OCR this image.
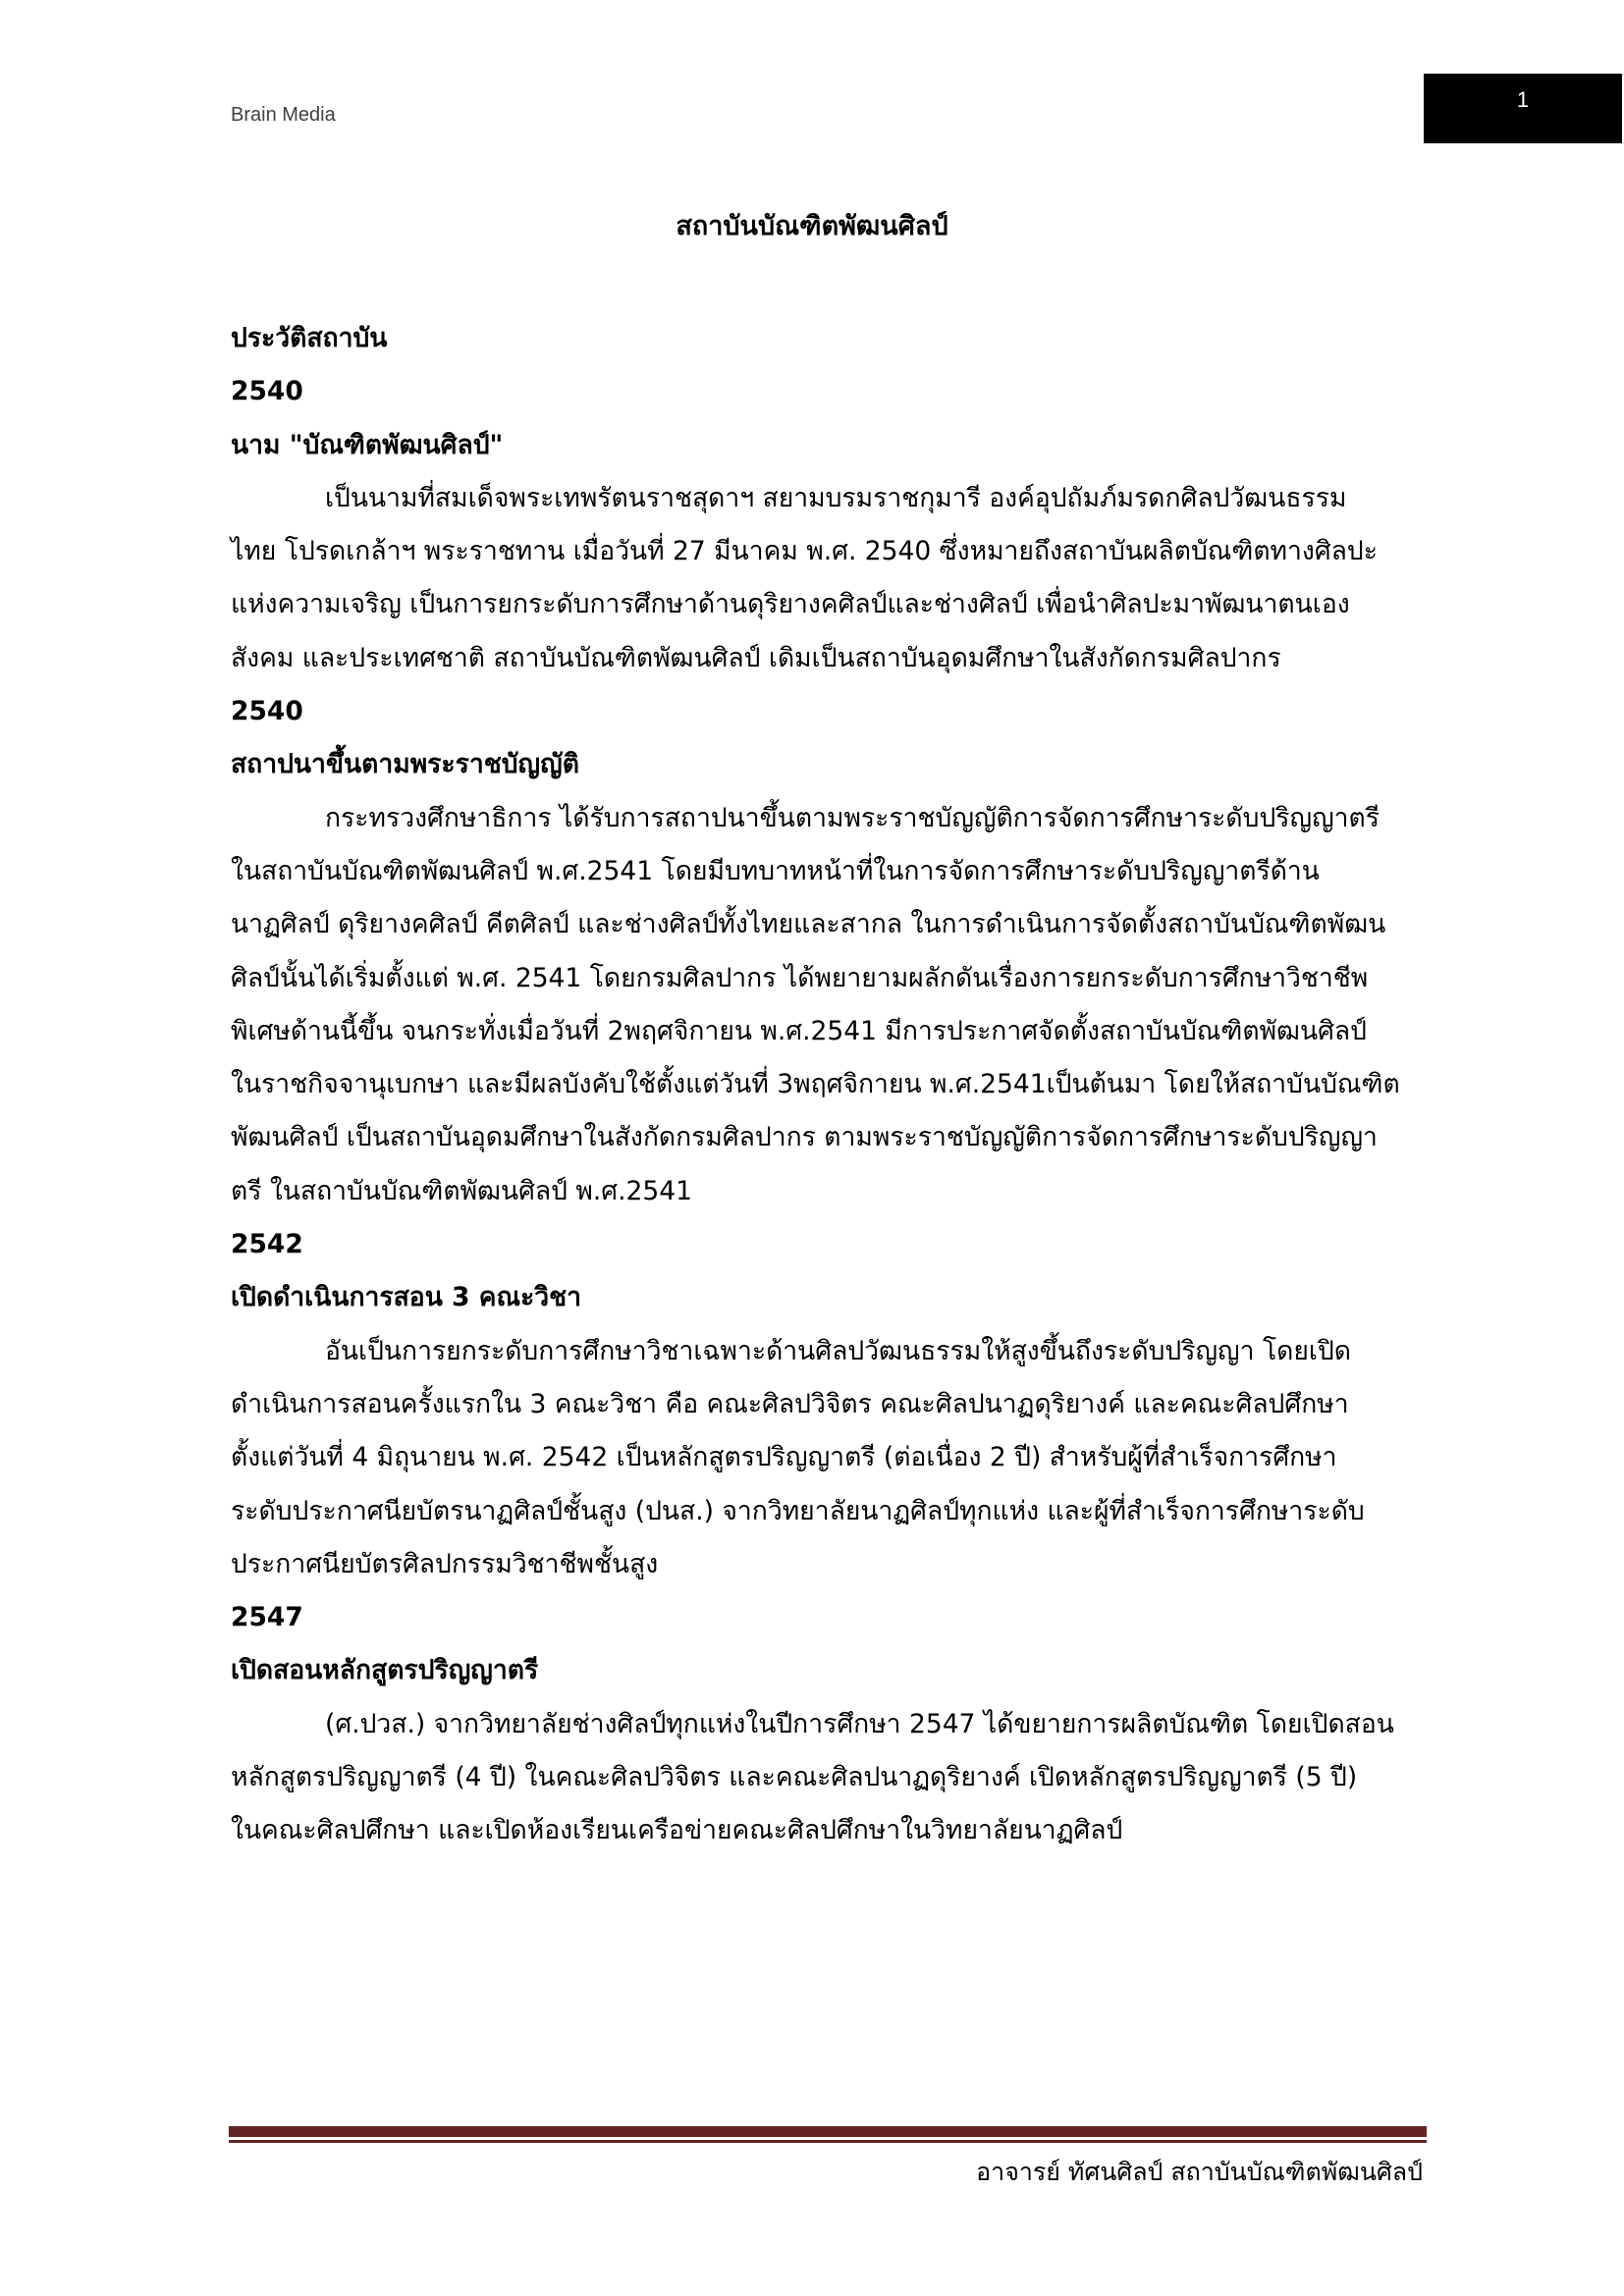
Brain Media
1
สถาบันบัณฑิตพัฒนศิลป์
ประวัติสถาบัน
2540
นาม "บัณฑิตพัฒนศิลป์"
เป็นนามที่สมเด็จพระเทพรัตนราชสุดาฯ สยามบรมราชกุมารี องค์อุปถัมภ์มรดกศิลปวัฒนธรรม
ไทย โปรดเกล้าฯ พระราชทาน เมื่อวันที่ 27 มีนาคม พ.ศ. 2540 ซึ่งหมายถึงสถาบันผลิตบัณฑิตทางศิลปะ
แห่งความเจริญ เป็นการยกระดับการศึกษาด้านดุริยางคศิลป์และช่างศิลป์ เพื่อนำศิลปะมาพัฒนาตนเอง
สังคม และประเทศชาติ สถาบันบัณฑิตพัฒนศิลป์ เดิมเป็นสถาบันอุดมศึกษาในสังกัดกรมศิลปากร
2540
สถาปนาขึ้นตามพระราชบัญญัติ
กระทรวงศึกษาธิการ ได้รับการสถาปนาขึ้นตามพระราชบัญญัติการจัดการศึกษาระดับปริญญาตรี
ในสถาบันบัณฑิตพัฒนศิลป์ พ.ศ.2541 โดยมีบทบาทหน้าที่ในการจัดการศึกษาระดับปริญญาตรีด้าน
นาฏศิลป์ ดุริยางคศิลป์ คีตศิลป์ และช่างศิลป์ทั้งไทยและสากล ในการดำเนินการจัดตั้งสถาบันบัณฑิตพัฒน
ศิลป์นั้นได้เริ่มตั้งแต่ พ.ศ. 2541 โดยกรมศิลปากร ได้พยายามผลักดันเรื่องการยกระดับการศึกษาวิชาชีพ
พิเศษด้านนี้ขึ้น จนกระทั่งเมื่อวันที่ 2พฤศจิกายน พ.ศ.2541 มีการประกาศจัดตั้งสถาบันบัณฑิตพัฒนศิลป์
ในราชกิจจานุเบกษา และมีผลบังคับใช้ตั้งแต่วันที่ 3พฤศจิกายน พ.ศ.2541เป็นต้นมา โดยให้สถาบันบัณฑิต
พัฒนศิลป์ เป็นสถาบันอุดมศึกษาในสังกัดกรมศิลปากร ตามพระราชบัญญัติการจัดการศึกษาระดับปริญญา
ตรี ในสถาบันบัณฑิตพัฒนศิลป์ พ.ศ.2541
2542
เปิดดำเนินการสอน 3 คณะวิชา
อันเป็นการยกระดับการศึกษาวิชาเฉพาะด้านศิลปวัฒนธรรมให้สูงขึ้นถึงระดับปริญญา โดยเปิด
ดำเนินการสอนครั้งแรกใน 3 คณะวิชา คือ คณะศิลปวิจิตร คณะศิลปนาฏดุริยางค์ และคณะศิลปศึกษา
ตั้งแต่วันที่ 4 มิถุนายน พ.ศ. 2542 เป็นหลักสูตรปริญญาตรี (ต่อเนื่อง 2 ปี) สำหรับผู้ที่สำเร็จการศึกษา
ระดับประกาศนียบัตรนาฏศิลป์ชั้นสูง (ปนส.) จากวิทยาลัยนาฏศิลป์ทุกแห่ง และผู้ที่สำเร็จการศึกษาระดับ
ประกาศนียบัตรศิลปกรรมวิชาชีพชั้นสูง
2547
เปิดสอนหลักสูตรปริญญาตรี
(ศ.ปวส.) จากวิทยาลัยช่างศิลป์ทุกแห่งในปีการศึกษา 2547 ได้ขยายการผลิตบัณฑิต โดยเปิดสอน
หลักสูตรปริญญาตรี (4 ปี) ในคณะศิลปวิจิตร และคณะศิลปนาฏดุริยางค์ เปิดหลักสูตรปริญญาตรี (5 ปี)
ในคณะศิลปศึกษา และเปิดห้องเรียนเครือข่ายคณะศิลปศึกษาในวิทยาลัยนาฏศิลป์
อาจารย์ ทัศนศิลป์ สถาบันบัณฑิตพัฒนศิลป์
